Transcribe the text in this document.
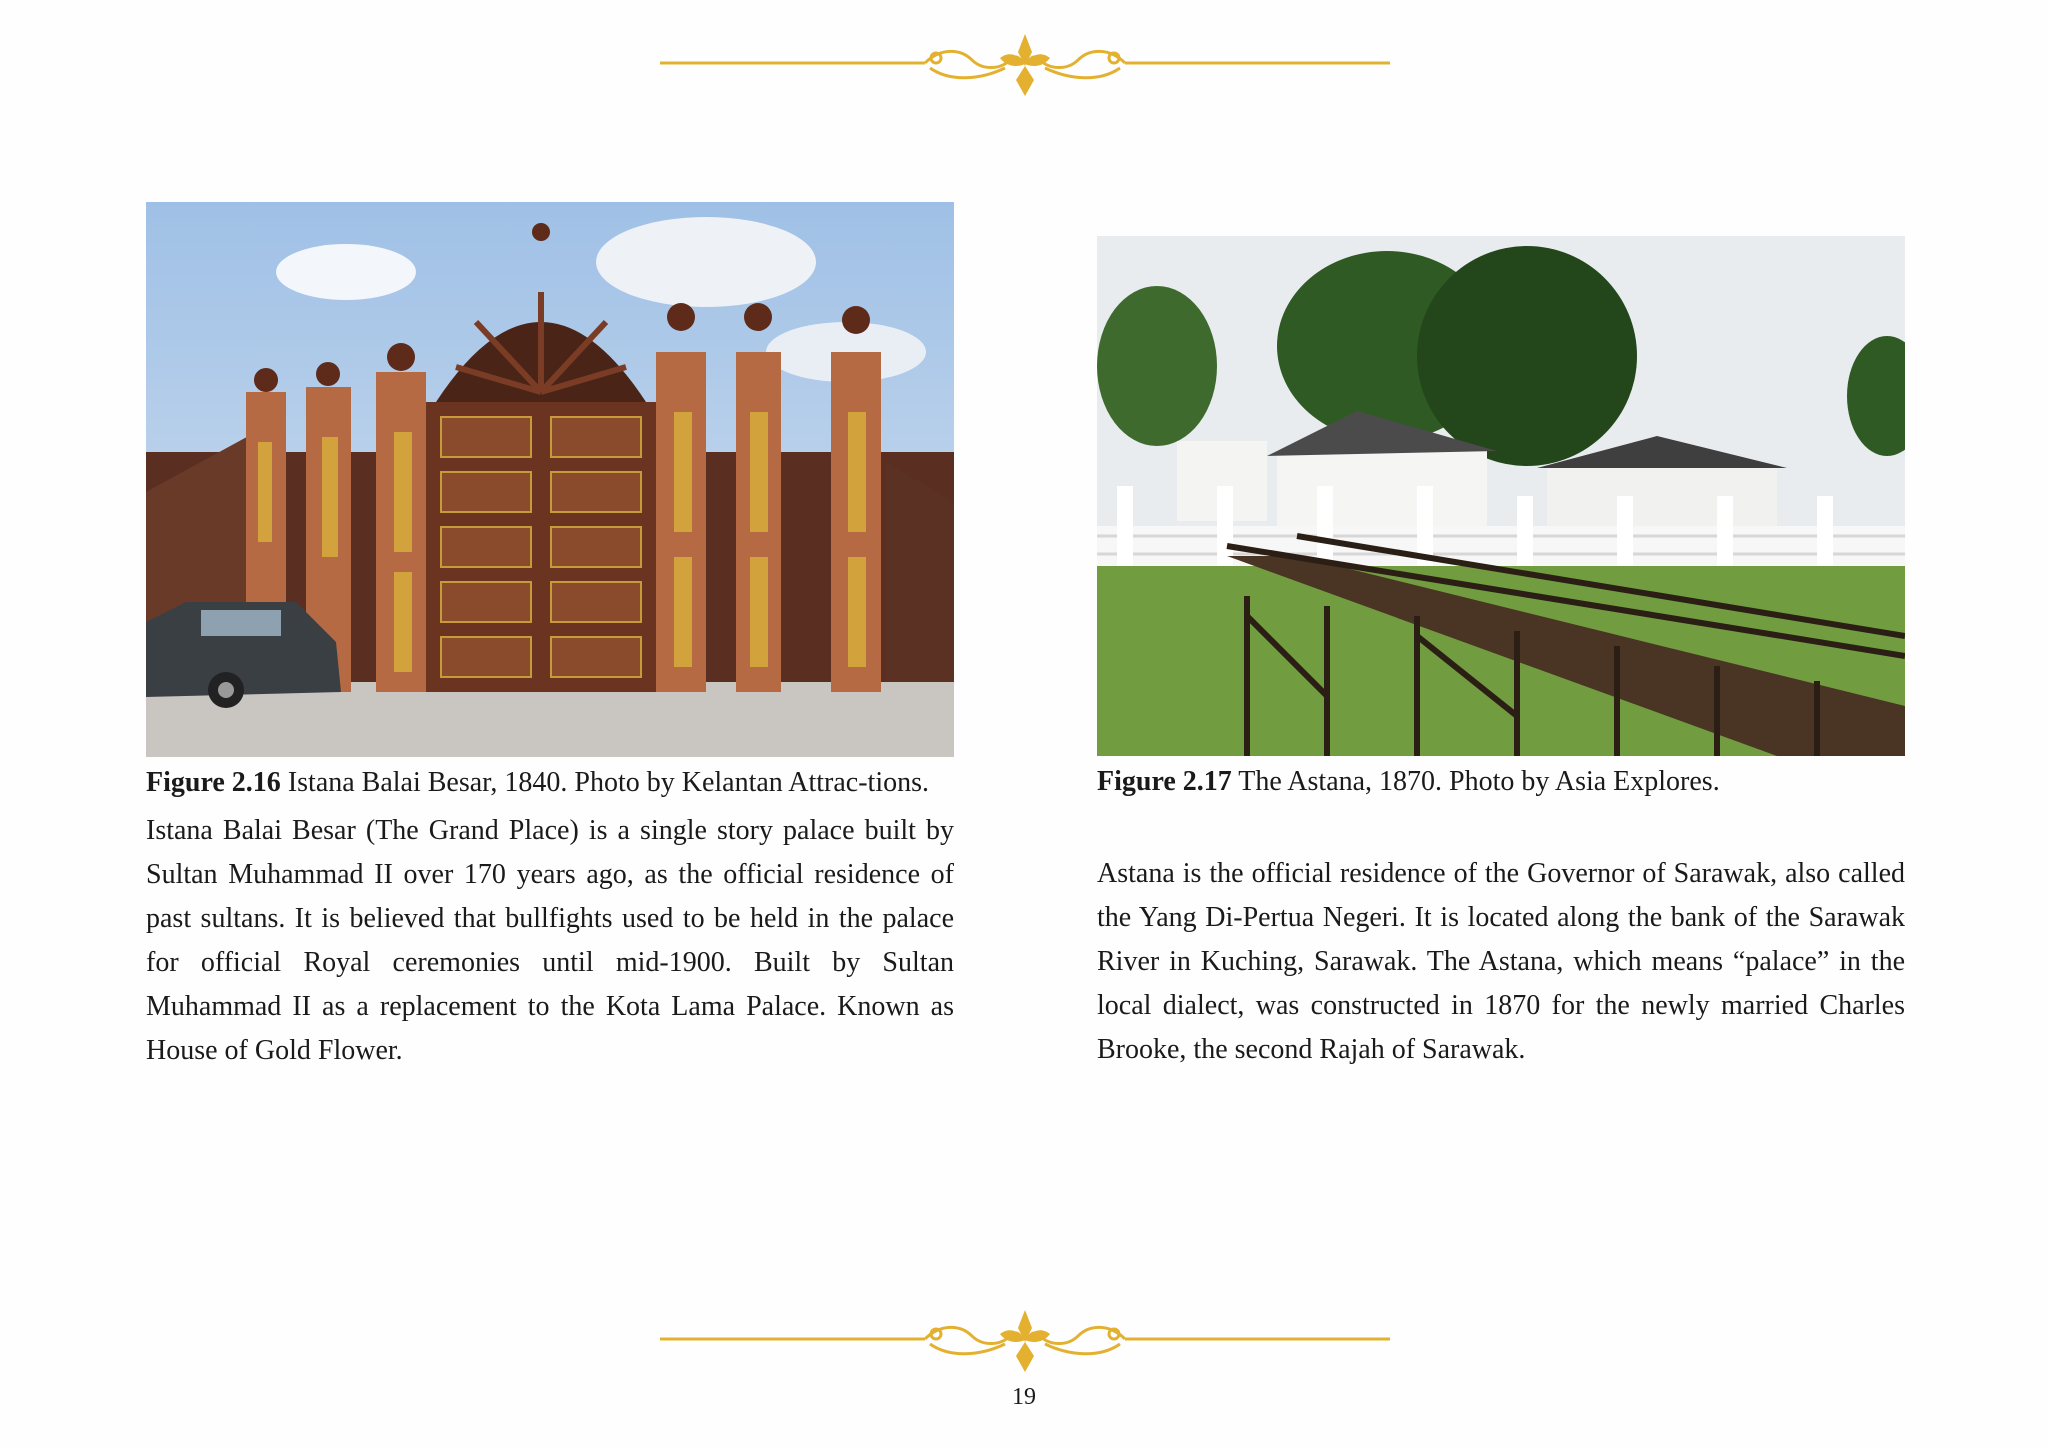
Figure 2.16 Istana Balai Besar, 1840. Photo by Kelantan Attrac-tions.

Istana Balai Besar (The Grand Place) is a single story palace built by Sultan Muhammad II over 170 years ago, as the official residence of past sultans. It is believed that bullfights used to be held in the palace for official Royal ceremonies until mid-1900. Built by Sultan Muhammad II as a replacement to the Kota Lama Palace. Known as House of Gold Flower.

Figure 2.17 The Astana, 1870. Photo by Asia Explores.

Astana is the official residence of the Governor of Sarawak, also called the Yang Di-Pertua Negeri. It is located along the bank of the Sarawak River in Kuching, Sarawak. The Astana, which means “palace” in the local dialect, was constructed in 1870 for the newly married Charles Brooke, the second Rajah of Sarawak.

19
